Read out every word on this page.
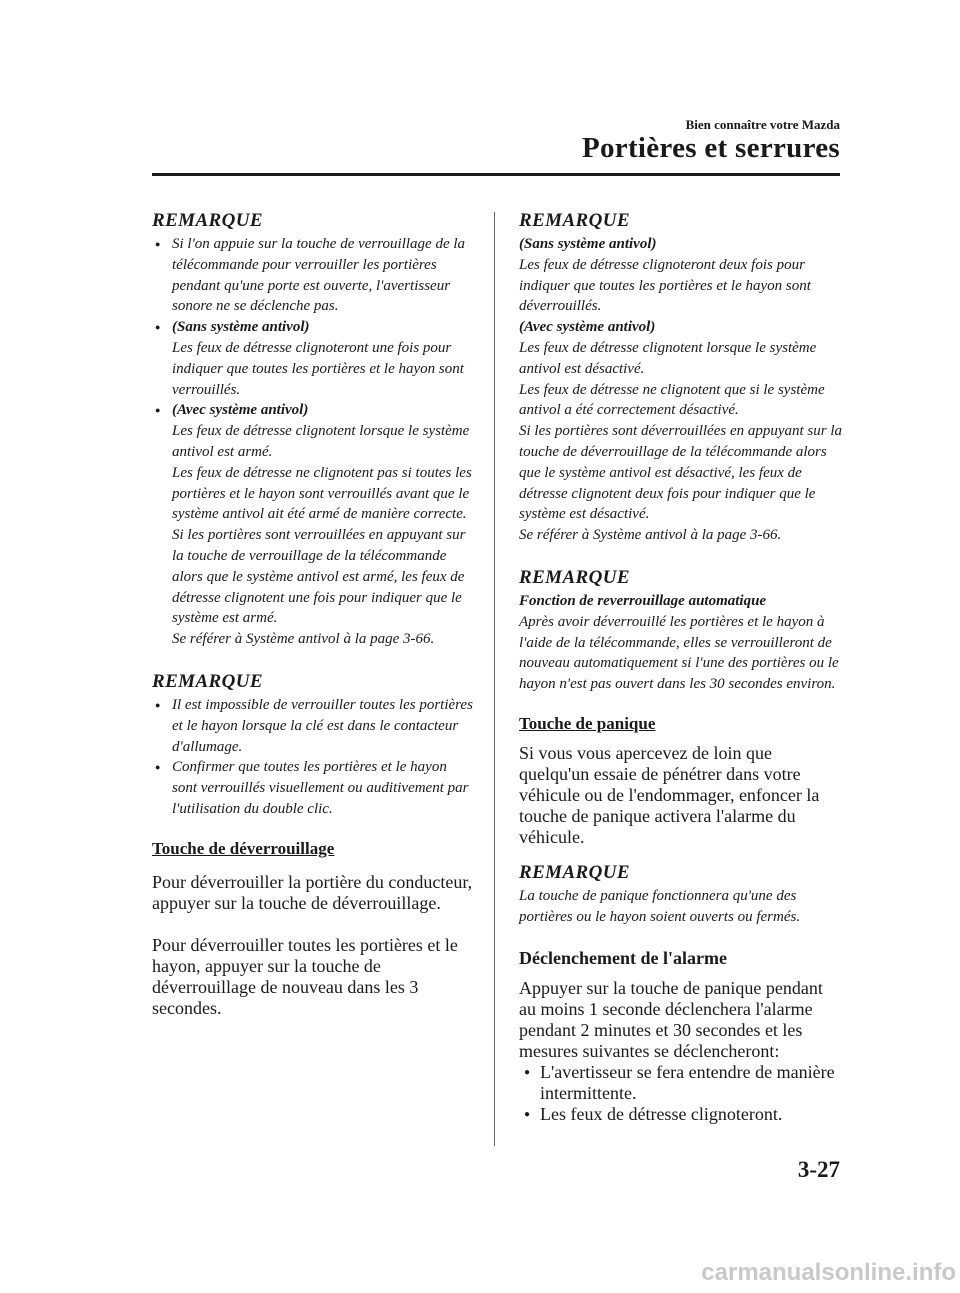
Bien connaître votre Mazda
Portières et serrures
REMARQUE
● Si l'on appuie sur la touche de verrouillage de la télécommande pour verrouiller les portières pendant qu'une porte est ouverte, l'avertisseur sonore ne se déclenche pas.
● (Sans système antivol)
Les feux de détresse clignoteront une fois pour indiquer que toutes les portières et le hayon sont verrouillés.
● (Avec système antivol)
Les feux de détresse clignotent lorsque le système antivol est armé.
Les feux de détresse ne clignotent pas si toutes les portières et le hayon sont verrouillés avant que le système antivol ait été armé de manière correcte.
Si les portières sont verrouillées en appuyant sur la touche de verrouillage de la télécommande alors que le système antivol est armé, les feux de détresse clignotent une fois pour indiquer que le système est armé.
Se référer à Système antivol à la page 3-66.
REMARQUE
● Il est impossible de verrouiller toutes les portières et le hayon lorsque la clé est dans le contacteur d'allumage.
● Confirmer que toutes les portières et le hayon sont verrouillés visuellement ou auditivement par l'utilisation du double clic.
Touche de déverrouillage

Pour déverrouiller la portière du conducteur, appuyer sur la touche de déverrouillage.

Pour déverrouiller toutes les portières et le hayon, appuyer sur la touche de déverrouillage de nouveau dans les 3 secondes.

REMARQUE

(Sans système antivol)

Les feux de détresse clignoteront deux fois pour indiquer que toutes les portières et le hayon sont déverrouillés.

(Avec système antivol)

Les feux de détresse clignotent lorsque le système antivol est désactivé.

Les feux de détresse ne clignotent que si le système antivol a été correctement désactivé.

Si les portières sont déverrouillées en appuyant sur la touche de déverrouillage de la télécommande alors que le système antivol est désactivé, les feux de détresse clignotent deux fois pour indiquer que le système est désactivé.

Se référer à Système antivol à la page 3-66.

REMARQUE

Fonction de reverrouillage automatique

Après avoir déverrouillé les portières et le hayon à l'aide de la télécommande, elles se verrouilleront de nouveau automatiquement si l'une des portières ou le hayon n'est pas ouvert dans les 30 secondes environ.

Touche de panique

Si vous vous apercevez de loin que quelqu'un essaie de pénétrer dans votre véhicule ou de l'endommager, enfoncer la touche de panique activera l'alarme du véhicule.

REMARQUE

La touche de panique fonctionnera qu'une des portières ou le hayon soient ouverts ou fermés.

Déclenchement de l'alarme

Appuyer sur la touche de panique pendant au moins 1 seconde déclenchera l'alarme pendant 2 minutes et 30 secondes et les mesures suivantes se déclencheront:

● L'avertisseur se fera entendre de manière intermittente.
● Les feux de détresse clignoteront.
3-27
carmanualsonline.info
